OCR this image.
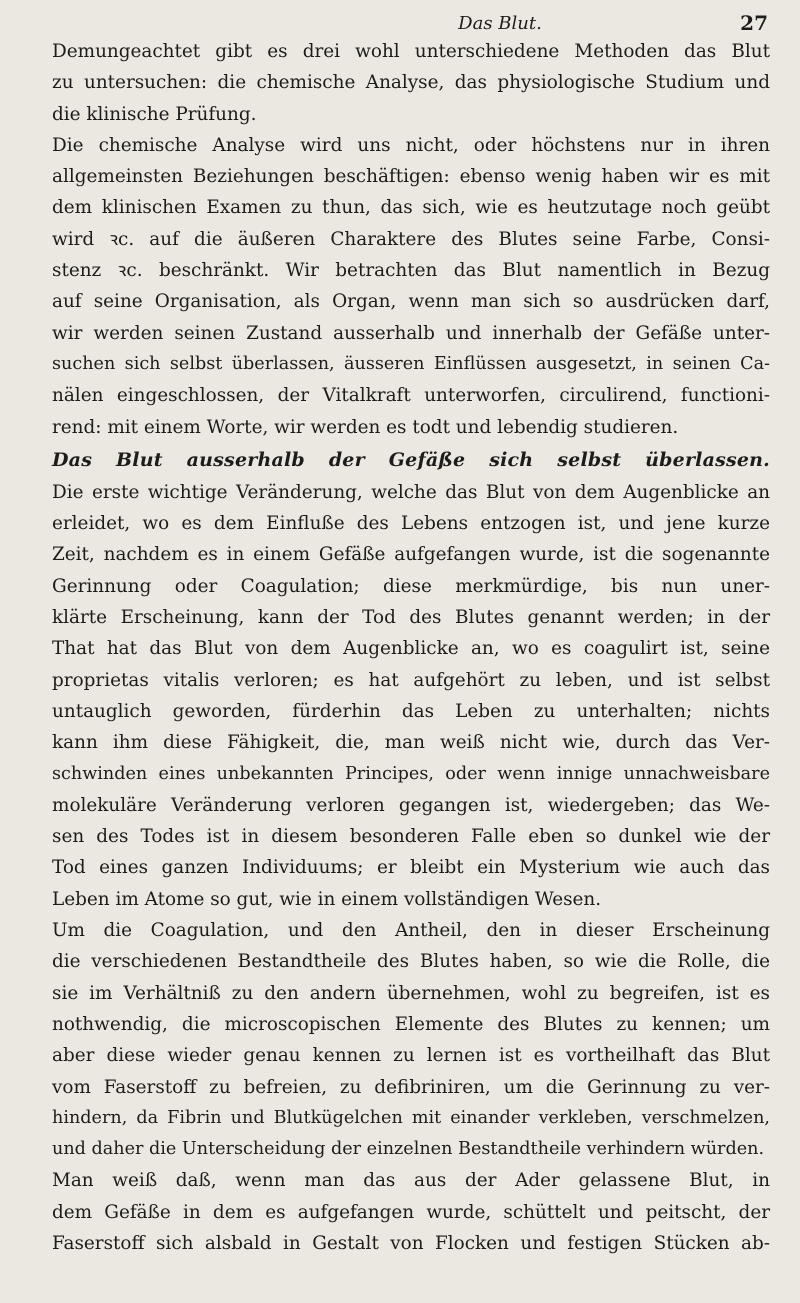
Das Blut.	27
Demungeachtet gibt es drei wohl unterschiedene Methoden das Blut
zu untersuchen: die chemische Analyse, das physiologische Studium und
die klinische Prüfung.
Die chemische Analyse wird uns nicht, oder höchstens nur in ihren
allgemeinsten Beziehungen beschäftigen: ebenso wenig haben wir es mit
dem klinischen Examen zu thun, das sich, wie es heutzutage noch geübt
wird ꝛc. auf die äußeren Charaktere des Blutes seine Farbe, Consi-
stenz ꝛc. beschränkt. Wir betrachten das Blut namentlich in Bezug
auf seine Organisation, als Organ, wenn man sich so ausdrücken darf,
wir werden seinen Zustand ausserhalb und innerhalb der Gefäße unter-
suchen sich selbst überlassen, äusseren Einflüssen ausgesetzt, in seinen Ca-
nälen eingeschlossen, der Vitalkraft unterworfen, circulirend, functioni-
rend: mit einem Worte, wir werden es todt und lebendig studieren.
Das Blut ausserhalb der Gefäße sich selbst überlassen.
Die erste wichtige Veränderung, welche das Blut von dem Augenblicke an
erleidet, wo es dem Einfluße des Lebens entzogen ist, und jene kurze
Zeit, nachdem es in einem Gefäße aufgefangen wurde, ist die sogenannte
Gerinnung oder Coagulation; diese merkmürdige, bis nun uner-
klärte Erscheinung, kann der Tod des Blutes genannt werden; in der
That hat das Blut von dem Augenblicke an, wo es coagulirt ist, seine
proprietas vitalis verloren; es hat aufgehört zu leben, und ist selbst
untauglich geworden, fürderhin das Leben zu unterhalten; nichts
kann ihm diese Fähigkeit, die, man weiß nicht wie, durch das Ver-
schwinden eines unbekannten Principes, oder wenn innige unnachweisbare
molekuläre Veränderung verloren gegangen ist, wiedergeben; das We-
sen des Todes ist in diesem besonderen Falle eben so dunkel wie der
Tod eines ganzen Individuums; er bleibt ein Mysterium wie auch das
Leben im Atome so gut, wie in einem vollständigen Wesen.
Um die Coagulation, und den Antheil, den in dieser Erscheinung
die verschiedenen Bestandtheile des Blutes haben, so wie die Rolle, die
sie im Verhältniß zu den andern übernehmen, wohl zu begreifen, ist es
nothwendig, die microscopischen Elemente des Blutes zu kennen; um
aber diese wieder genau kennen zu lernen ist es vortheilhaft das Blut
vom Faserstoff zu befreien, zu defibriniren, um die Gerinnung zu ver-
hindern, da Fibrin und Blutkügelchen mit einander verkleben, verschmelzen,
und daher die Unterscheidung der einzelnen Bestandtheile verhindern würden.
Man weiß daß, wenn man das aus der Ader gelassene Blut, in
dem Gefäße in dem es aufgefangen wurde, schüttelt und peitscht, der
Faserstoff sich alsbald in Gestalt von Flocken und festigen Stücken ab-
